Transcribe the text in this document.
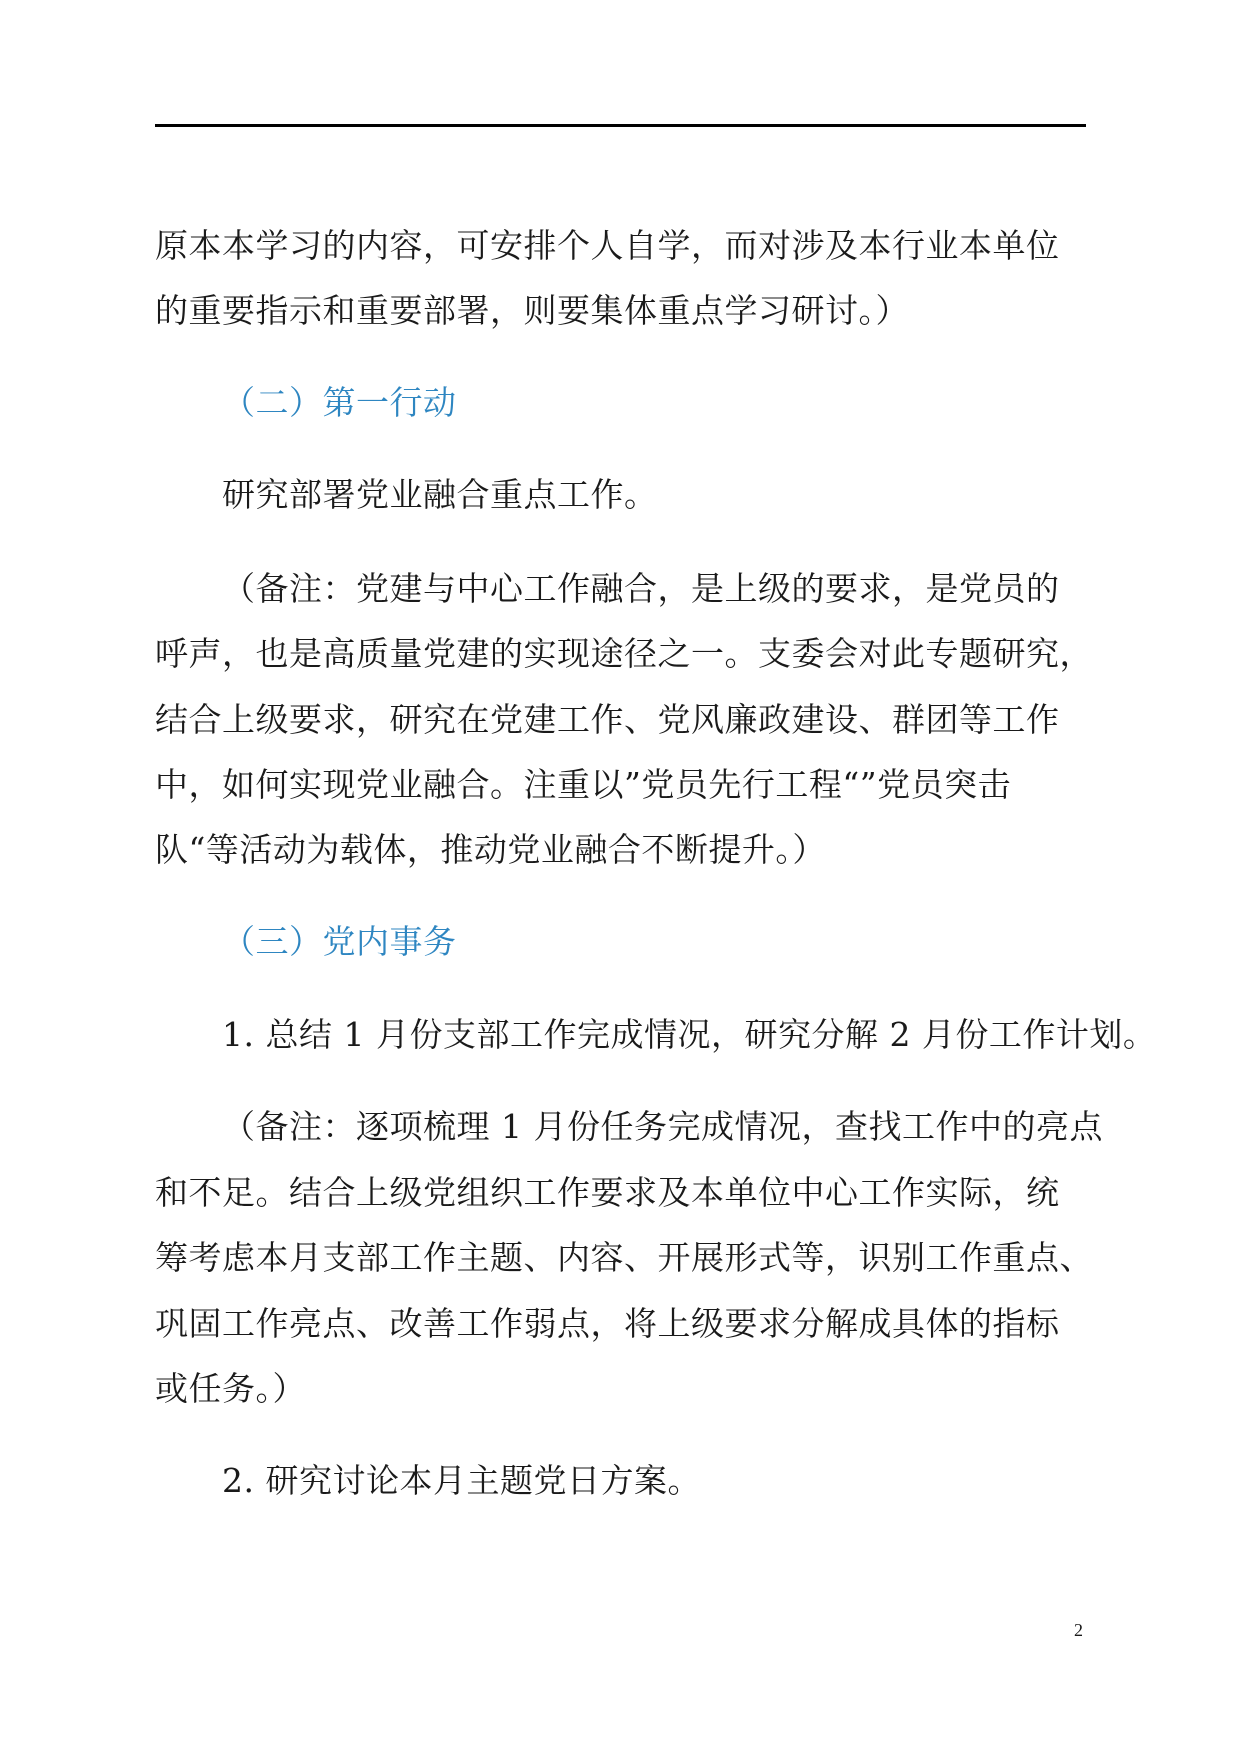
原本本学习的内容，可安排个人自学，而对涉及本行业本单位
的重要指示和重要部署，则要集体重点学习研讨。）
（二）第一行动
研究部署党业融合重点工作。
（备注：党建与中心工作融合，是上级的要求，是党员的
呼声，也是高质量党建的实现途径之一。支委会对此专题研究，
结合上级要求，研究在党建工作、党风廉政建设、群团等工作
中，如何实现党业融合。注重以”党员先行工程“”党员突击
队“等活动为载体，推动党业融合不断提升。）
（三）党内事务
1. 总结 1 月份支部工作完成情况，研究分解 2 月份工作计划。
（备注：逐项梳理 1 月份任务完成情况，查找工作中的亮点
和不足。结合上级党组织工作要求及本单位中心工作实际，统
筹考虑本月支部工作主题、内容、开展形式等，识别工作重点、
巩固工作亮点、改善工作弱点，将上级要求分解成具体的指标
或任务。）
2. 研究讨论本月主题党日方案。
2
